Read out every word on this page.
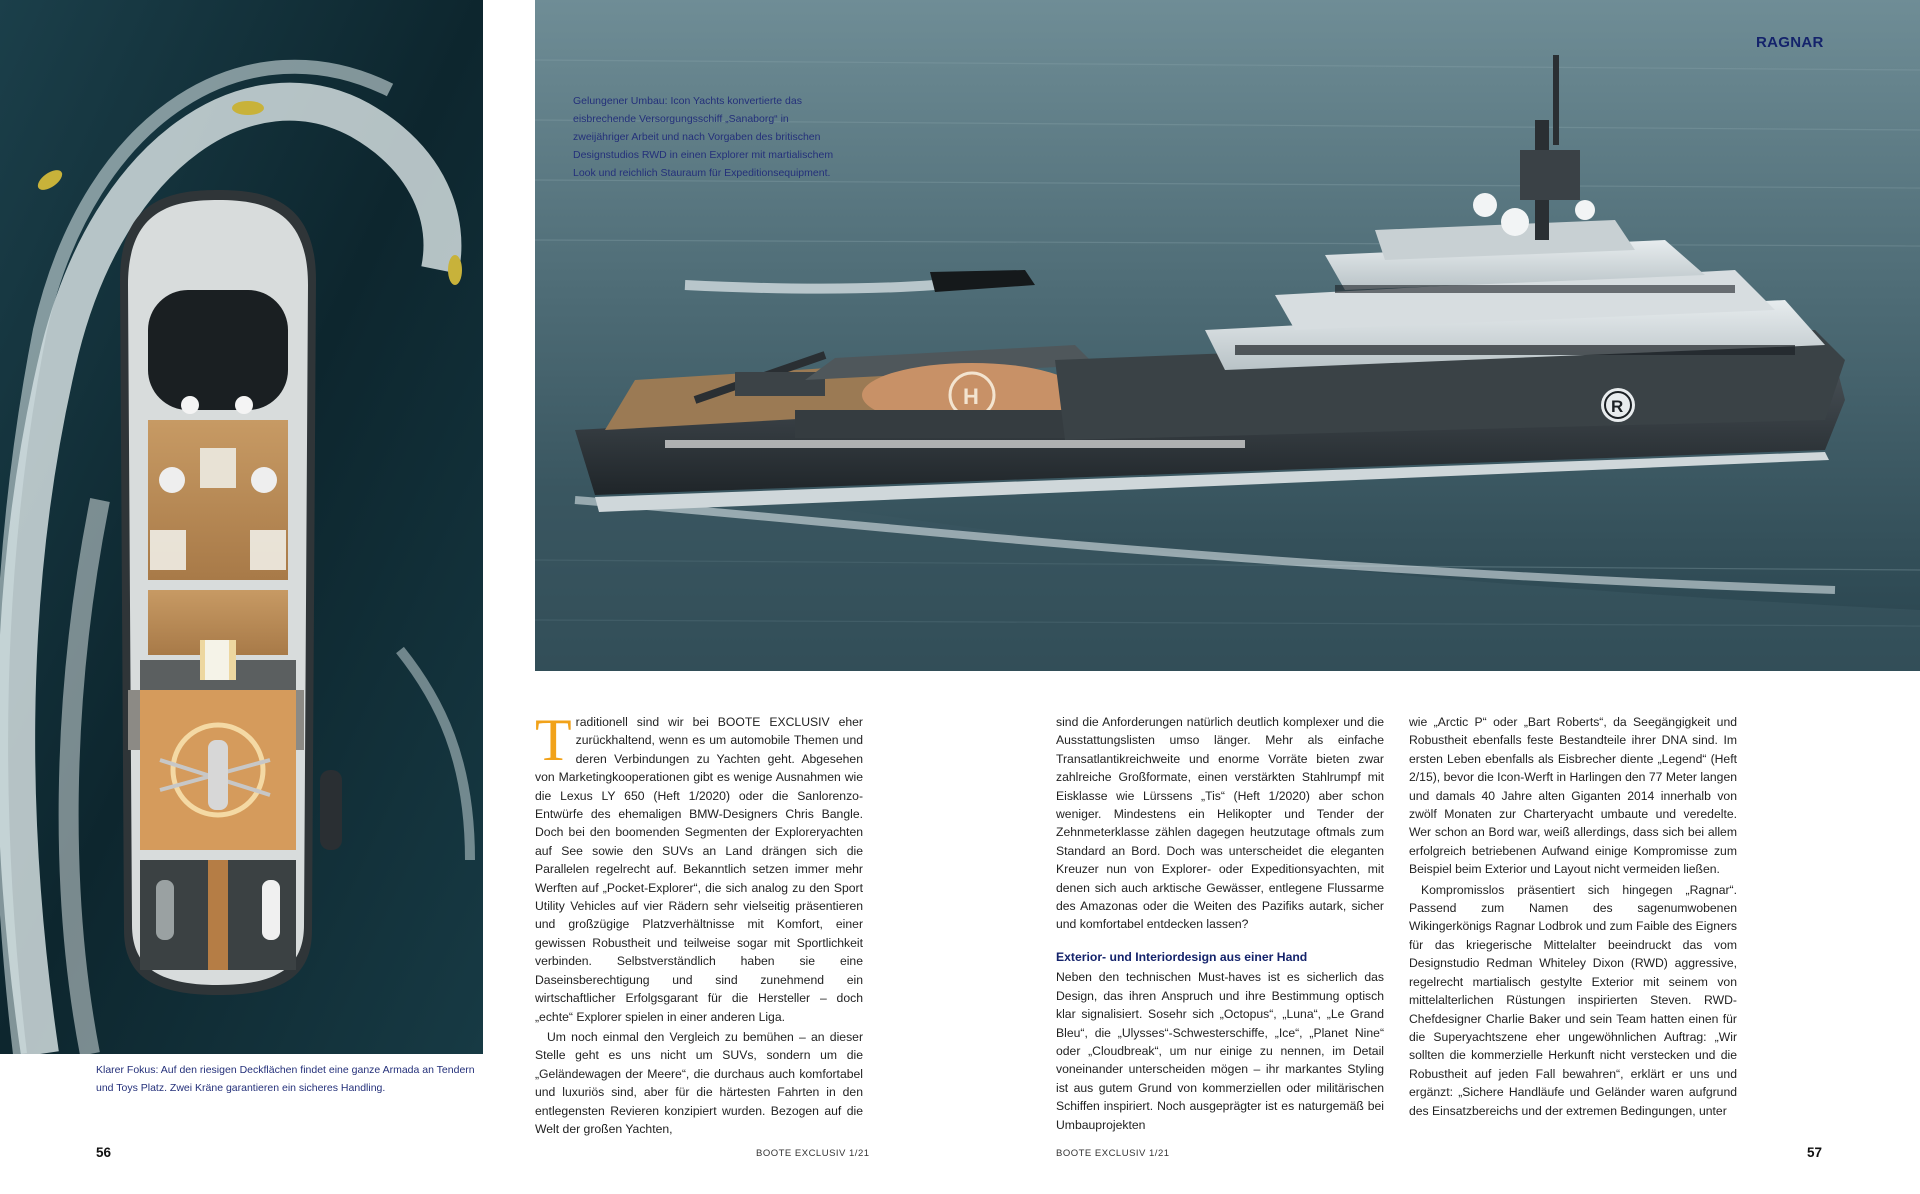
H	R
RAGNAR
Gelungener Umbau: Icon Yachts konvertierte das eisbrechende Versorgungsschiff „Sanaborg“ in zweijähriger Arbeit und nach Vorgaben des britischen Designstudios RWD in einen Explorer mit martialischem Look und reichlich Stauraum für Expeditionsequipment.
Klarer Fokus: Auf den riesigen Deckflächen findet eine ganze Armada an Tendern und Toys Platz. Zwei Kräne garantieren ein sicheres Handling.

Traditionell sind wir bei BOOTE EXCLUSIV eher zurückhaltend, wenn es um automobile Themen und deren Verbindungen zu Yachten geht. Abgesehen von Marketingkooperationen gibt es wenige Ausnahmen wie die Lexus LY 650 (Heft 1/2020) oder die Sanlorenzo-Entwürfe des ehemaligen BMW-Designers Chris Bangle. Doch bei den boomenden Segmenten der Exploreryachten auf See sowie den SUVs an Land drängen sich die Parallelen regelrecht auf. Bekanntlich setzen immer mehr Werften auf „Pocket-Explorer“, die sich analog zu den Sport Utility Vehicles auf vier Rädern sehr vielseitig präsentieren und großzügige Platzverhältnisse mit Komfort, einer gewissen Robustheit und teilweise sogar mit Sportlichkeit verbinden. Selbstverständlich haben sie eine Daseinsberechtigung und sind zunehmend ein wirtschaftlicher Erfolgsgarant für die Hersteller – doch „echte“ Explorer spielen in einer anderen Liga.

Um noch einmal den Vergleich zu bemühen – an dieser Stelle geht es uns nicht um SUVs, sondern um die „Geländewagen der Meere“, die durchaus auch komfortabel und luxuriös sind, aber für die härtesten Fahrten in den entlegensten Revieren konzipiert wurden. Bezogen auf die Welt der großen Yachten,

sind die Anforderungen natürlich deutlich komplexer und die Ausstattungslisten umso länger. Mehr als einfache Transatlantikreichweite und enorme Vorräte bieten zwar zahlreiche Großformate, einen verstärkten Stahlrumpf mit Eisklasse wie Lürssens „Tis“ (Heft 1/2020) aber schon weniger. Mindestens ein Helikopter und Tender der Zehnmeterklasse zählen dagegen heutzutage oftmals zum Standard an Bord. Doch was unterscheidet die eleganten Kreuzer nun von Explorer- oder Expeditionsyachten, mit denen sich auch arktische Gewässer, entlegene Flussarme des Amazonas oder die Weiten des Pazifiks autark, sicher und komfortabel entdecken lassen?

Exterior- und Interiordesign aus einer Hand

Neben den technischen Must-haves ist es sicherlich das Design, das ihren Anspruch und ihre Bestimmung optisch klar signalisiert. Sosehr sich „Octopus“, „Luna“, „Le Grand Bleu“, die „Ulysses“-Schwesterschiffe, „Ice“, „Planet Nine“ oder „Cloudbreak“, um nur einige zu nennen, im Detail voneinander unterscheiden mögen – ihr markantes Styling ist aus gutem Grund von kommerziellen oder militärischen Schiffen inspiriert. Noch ausgeprägter ist es naturgemäß bei Umbauprojekten

wie „Arctic P“ oder „Bart Roberts“, da Seegängigkeit und Robustheit ebenfalls feste Bestandteile ihrer DNA sind. Im ersten Leben ebenfalls als Eisbrecher diente „Legend“ (Heft 2/15), bevor die Icon-Werft in Harlingen den 77 Meter langen und damals 40 Jahre alten Giganten 2014 innerhalb von zwölf Monaten zur Charteryacht umbaute und veredelte. Wer schon an Bord war, weiß allerdings, dass sich bei allem erfolgreich betriebenen Aufwand einige Kompromisse zum Beispiel beim Exterior und Layout nicht vermeiden ließen.

Kompromisslos präsentiert sich hingegen „Ragnar“. Passend zum Namen des sagenumwobenen Wikingerkönigs Ragnar Lodbrok und zum Faible des Eigners für das kriegerische Mittelalter beeindruckt das vom Designstudio Redman Whiteley Dixon (RWD) aggressive, regelrecht martialisch gestylte Exterior mit seinem von mittelalterlichen Rüstungen inspirierten Steven. RWD-Chefdesigner Charlie Baker und sein Team hatten einen für die Superyachtszene eher ungewöhnlichen Auftrag: „Wir sollten die kommerzielle Herkunft nicht verstecken und die Robustheit auf jeden Fall bewahren“, erklärt er uns und ergänzt: „Sichere Handläufe und Geländer waren aufgrund des Einsatzbereichs und der extremen Bedingungen, unter

56	BOOTE EXCLUSIV 1/21	BOOTE EXCLUSIV 1/21	57
